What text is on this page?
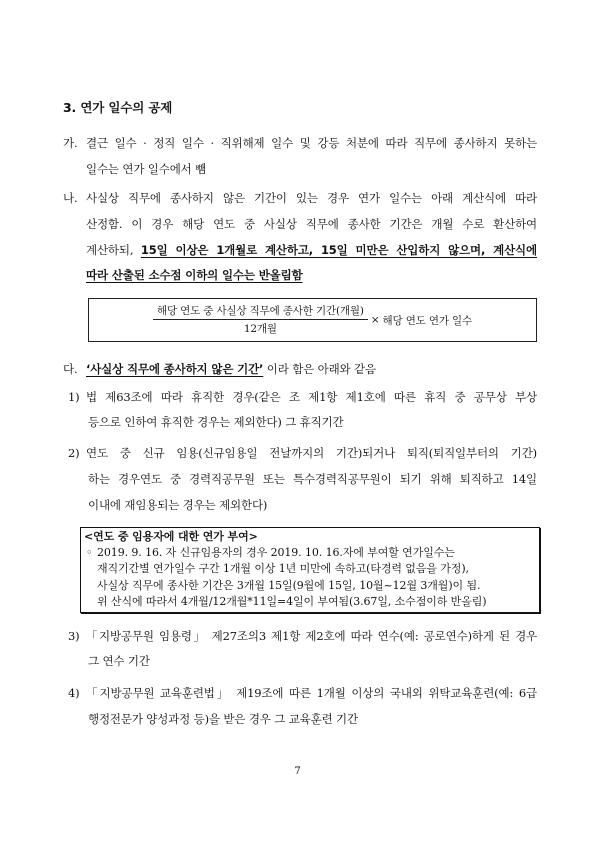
3. 연가 일수의 공제
가. 결근 일수 · 정직 일수 · 직위해제 일수 및 강등 처분에 따라 직무에 종사하지 못하는
일수는 연가 일수에서 뺌
나. 사실상 직무에 종사하지 않은 기간이 있는 경우 연가 일수는 아래 계산식에 따라
산정함. 이 경우 해당 연도 중 사실상 직무에 종사한 기간은 개월 수로 환산하여
계산하되, 15일 이상은 1개월로 계산하고, 15일 미만은 산입하지 않으며, 계산식에
따라 산출된 소수점 이하의 일수는 반올림함
$\frac{\text{해당 연도 중 사실상 직무에 종사한 기간(개월)}}{\text{12개월}}$ × 해당 연도 연가 일수
다. ‘사실상 직무에 종사하지 않은 기간’ 이라 함은 아래와 같음
1) 법 제63조에 따라 휴직한 경우(같은 조 제1항 제1호에 따른 휴직 중 공무상 부상
등으로 인하여 휴직한 경우는 제외한다) 그 휴직기간
2) 연도 중 신규 임용(신규임용일 전날까지의 기간)되거나 퇴직(퇴직일부터의 기간)
하는 경우연도 중 경력직공무원 또는 특수경력직공무원이 되기 위해 퇴직하고 14일
이내에 재임용되는 경우는 제외한다)
<연도 중 임용자에 대한 연가 부여>
◦ 2019. 9. 16. 자 신규임용자의 경우 2019. 10. 16.자에 부여할 연가일수는
재직기간별 연가일수 구간 1개월 이상 1년 미만에 속하고(타경력 없음을 가정),
사실상 직무에 종사한 기간은 3개월 15일(9월에 15일, 10월~12월 3개월)이 됨.
위 산식에 따라서 4개월/12개월*11일=4일이 부여됨(3.67일, 소수점이하 반올림)
3) 「지방공무원 임용령」 제27조의3 제1항 제2호에 따라 연수(예: 공로연수)하게 된 경우
그 연수 기간
4) 「지방공무원 교육훈련법」 제19조에 따른 1개월 이상의 국내외 위탁교육훈련(예: 6급
행정전문가 양성과정 등)을 받은 경우 그 교육훈련 기간
7
